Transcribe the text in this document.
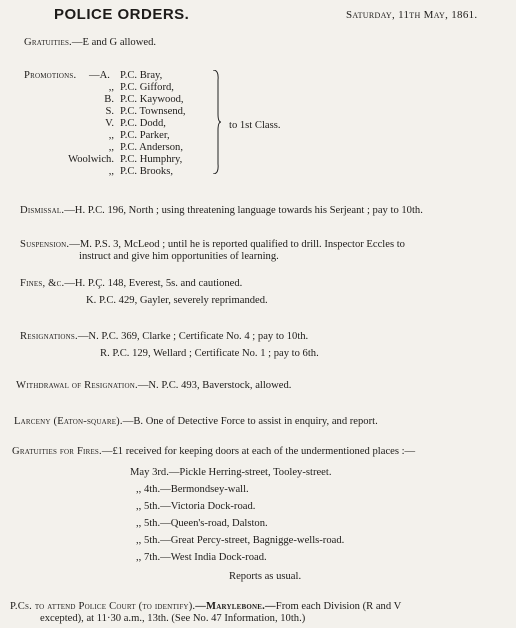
POLICE ORDERS.	Saturday, 11th May, 1861.
Gratuities.—E and G allowed.
Promotions. —A. P.C. Bray,
,, P.C. Gifford,
B. P.C. Kaywood,
S. P.C. Townsend,
V. P.C. Dodd,
,, P.C. Parker,
,, P.C. Anderson,
Woolwich. P.C. Humphry,
,, P.C. Brooks,
to 1st Class.
Dismissal.—H. P.C. 196, North ; using threatening language towards his Serjeant ; pay to 10th.
Suspension.—M. P.S. 3, McLeod ; until he is reported qualified to drill. Inspector Eccles to
instruct and give him opportunities of learning.
Fines, &c.—H. P.Ç. 148, Everest, 5s. and cautioned.
K. P.C. 429, Gayler, severely reprimanded.
Resignations.—N. P.C. 369, Clarke ; Certificate No. 4 ; pay to 10th.
R. P.C. 129, Wellard ; Certificate No. 1 ; pay to 6th.
Withdrawal of Resignation.—N. P.C. 493, Baverstock, allowed.
Larceny (Eaton-square).—B. One of Detective Force to assist in enquiry, and report.
Gratuities for Fires.—£1 received for keeping doors at each of the undermentioned places :—
May 3rd.—Pickle Herring-street, Tooley-street.
,, 4th.—Bermondsey-wall.
,, 5th.—Victoria Dock-road.
,, 5th.—Queen's-road, Dalston.
,, 5th.—Great Percy-street, Bagnigge-wells-road.
,, 7th.—West India Dock-road.
Reports as usual.
P.Cs. to attend Police Court (to identify).—Marylebone.—From each Division (R and V
excepted), at 11·30 a.m., 13th. (See No. 47 Information, 10th.)
